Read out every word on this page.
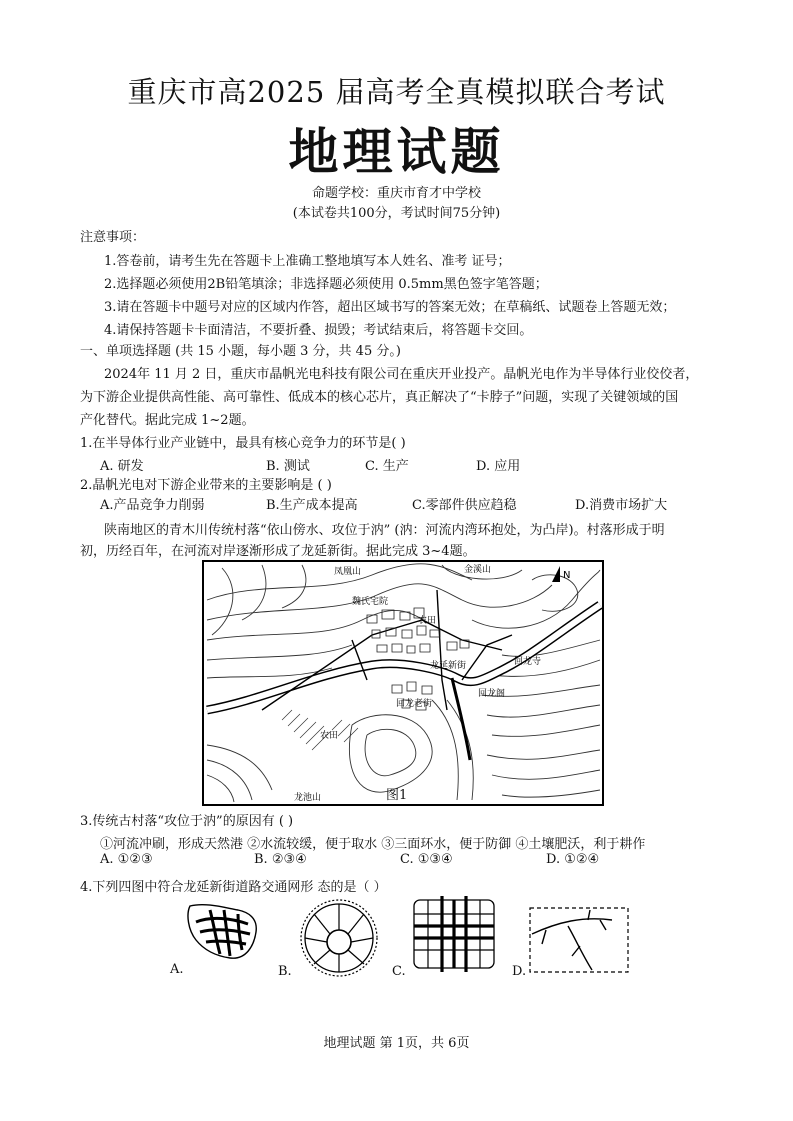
重庆市高2025 届高考全真模拟联合考试
地理试题
命题学校：重庆市育才中学校
(本试卷共100分，考试时间75分钟)
注意事项：
1.答卷前，请考生先在答题卡上准确工整地填写本人姓名、准考 证号；
2.选择题必须使用2B铅笔填涂；非选择题必须使用 0.5mm黑色签字笔答题；
3.请在答题卡中题号对应的区域内作答，超出区域书写的答案无效；在草稿纸、试题卷上答题无效；
4.请保持答题卡卡面清洁，不要折叠、损毁；考试结束后，将答题卡交回。
一、单项选择题 (共 15 小题，每小题 3 分，共 45 分。)
2024年 11 月 2 日，重庆市晶帆光电科技有限公司在重庆开业投产。晶帆光电作为半导体行业佼佼者，
为下游企业提供高性能、高可靠性、低成本的核心芯片，真正解决了“卡脖子”问题，实现了关键领域的国
产化替代。据此完成 1~2题。
1.在半导体行业产业链中，最具有核心竞争力的环节是( )
A. 研发	B. 测试	C. 生产	D. 应用
2.晶帆光电对下游企业带来的主要影响是 ( )
A.产品竞争力削弱	B.生产成本提高	C.零部件供应趋稳	D.消费市场扩大
陕南地区的青木川传统村落“依山傍水、攻位于汭” (汭：河流内湾环抱处，为凸岸)。村落形成于明
初，历经百年，在河流对岸逐渐形成了龙延新街。据此完成 3~4题。
N
凤凰山	金溪山
魏氏宅院
农田
龙延新街	回龙寺
回龙老街
回龙阁
农田
龙池山	图1
3.传统古村落“攻位于汭”的原因有 ( )
①河流冲刷，形成天然港 ②水流较缓，便于取水 ③三面环水，便于防御 ④土壤肥沃，利于耕作
A. ①②③	B. ②③④	C. ①③④	D. ①②④
4.下列四图中符合龙延新街道路交通网形 态的是（ ）
A.	B.	C.	D.
地理试题 第 1页，共 6页
